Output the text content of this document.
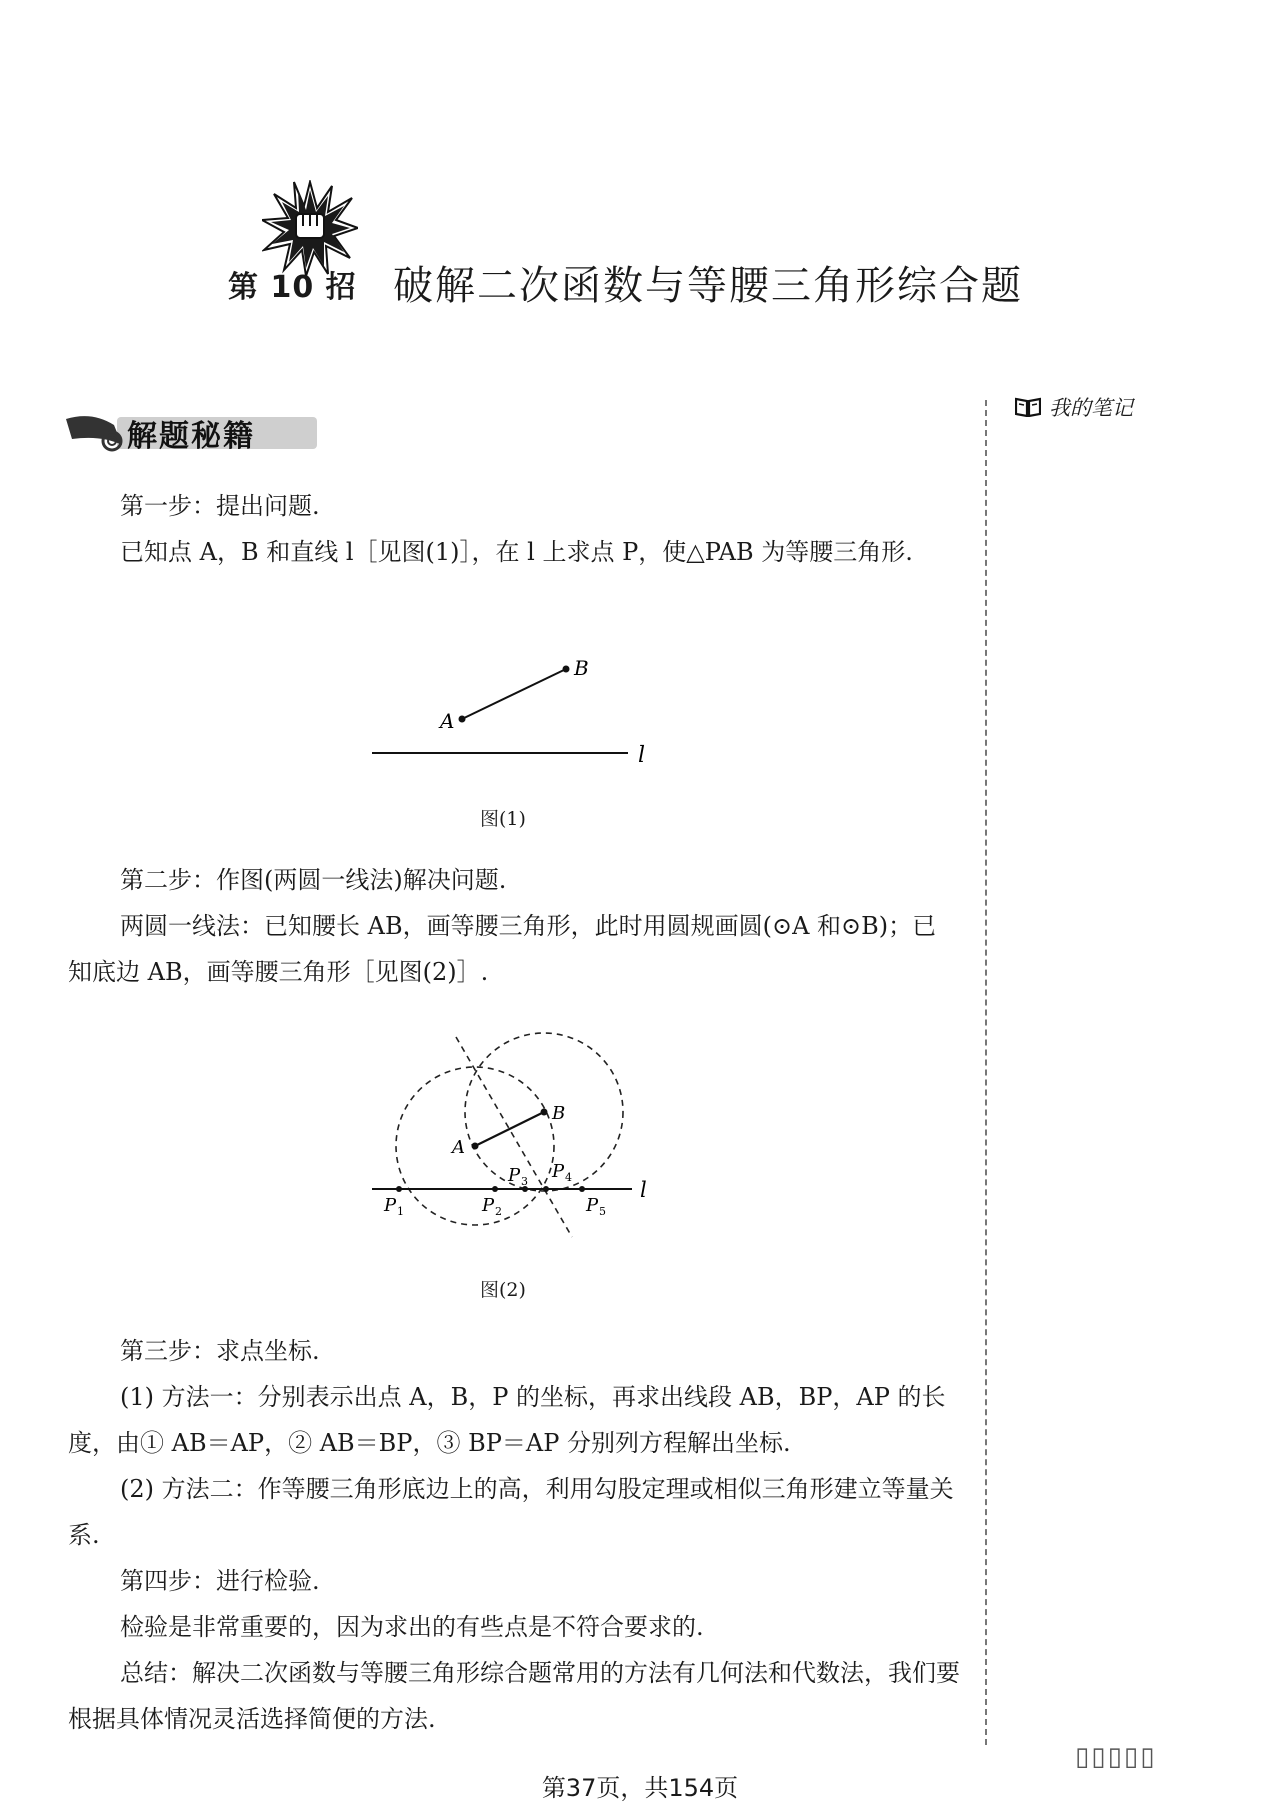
第 10 招 破解二次函数与等腰三角形综合题
我的笔记
解题秘籍
第一步：提出问题.
已知点 A，B 和直线 l［见图(1)］，在 l 上求点 P，使△PAB 为等腰三角形.
A
B
l
图(1)
第二步：作图(两圆一线法)解决问题.
两圆一线法：已知腰长 AB，画等腰三角形，此时用圆规画圆(⊙A 和⊙B)；已知底边 AB，画等腰三角形［见图(2)］.
A
B
l
P	P
P P
P
1	2
3	4
5
图(2)
第三步：求点坐标.
(1) 方法一：分别表示出点 A，B，P 的坐标，再求出线段 AB，BP，AP 的长度，由① AB＝AP，② AB＝BP，③ BP＝AP 分别列方程解出坐标.
(2) 方法二：作等腰三角形底边上的高，利用勾股定理或相似三角形建立等量关系.
第四步：进行检验.
检验是非常重要的，因为求出的有些点是不符合要求的.
总结：解决二次函数与等腰三角形综合题常用的方法有几何法和代数法，我们要根据具体情况灵活选择简便的方法.
▯▯▯▯▯
第37页，共154页
